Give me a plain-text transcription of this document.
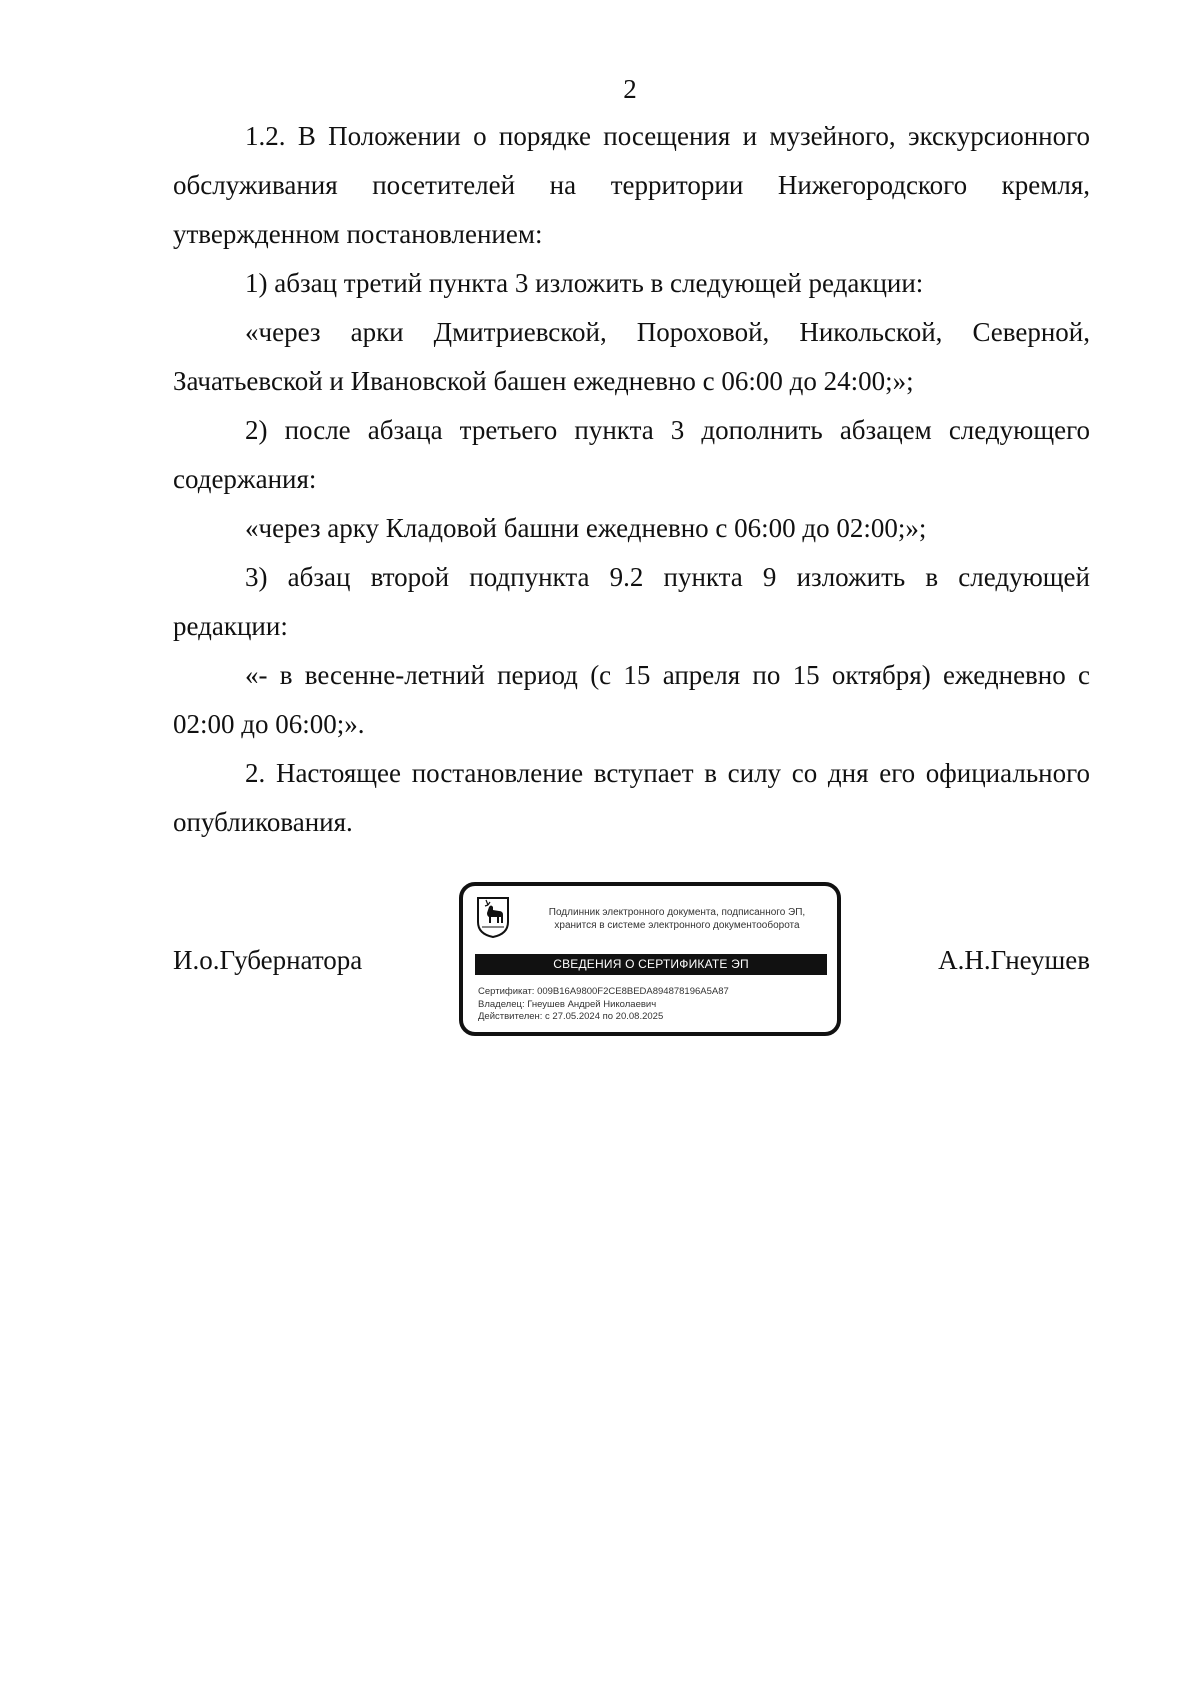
2

1.2. В Положении о порядке посещения и музейного, экскурсионного обслуживания посетителей на территории Нижегородского кремля, утвержденном постановлением:

1) абзац третий пункта 3 изложить в следующей редакции:

«через арки Дмитриевской, Пороховой, Никольской, Северной, Зачатьевской и Ивановской башен ежедневно с 06:00 до 24:00;»;

2) после абзаца третьего пункта 3 дополнить абзацем следующего содержания:

«через арку Кладовой башни ежедневно с 06:00 до 02:00;»;

3) абзац второй подпункта 9.2 пункта 9 изложить в следующей редакции:

«- в весенне-летний период (с 15 апреля по 15 октября) ежедневно с 02:00 до 06:00;».

2. Настоящее постановление вступает в силу со дня его официального опубликования.

И.о.Губернатора	А.Н.Гнеушев
Подлинник электронного документа, подписанного ЭП,
хранится в системе электронного документооборота
СВЕДЕНИЯ О СЕРТИФИКАТЕ ЭП
Сертификат: 009B16A9800F2CE8BEDA894878196A5A87
Владелец: Гнеушев Андрей Николаевич
Действителен: с 27.05.2024 по 20.08.2025
